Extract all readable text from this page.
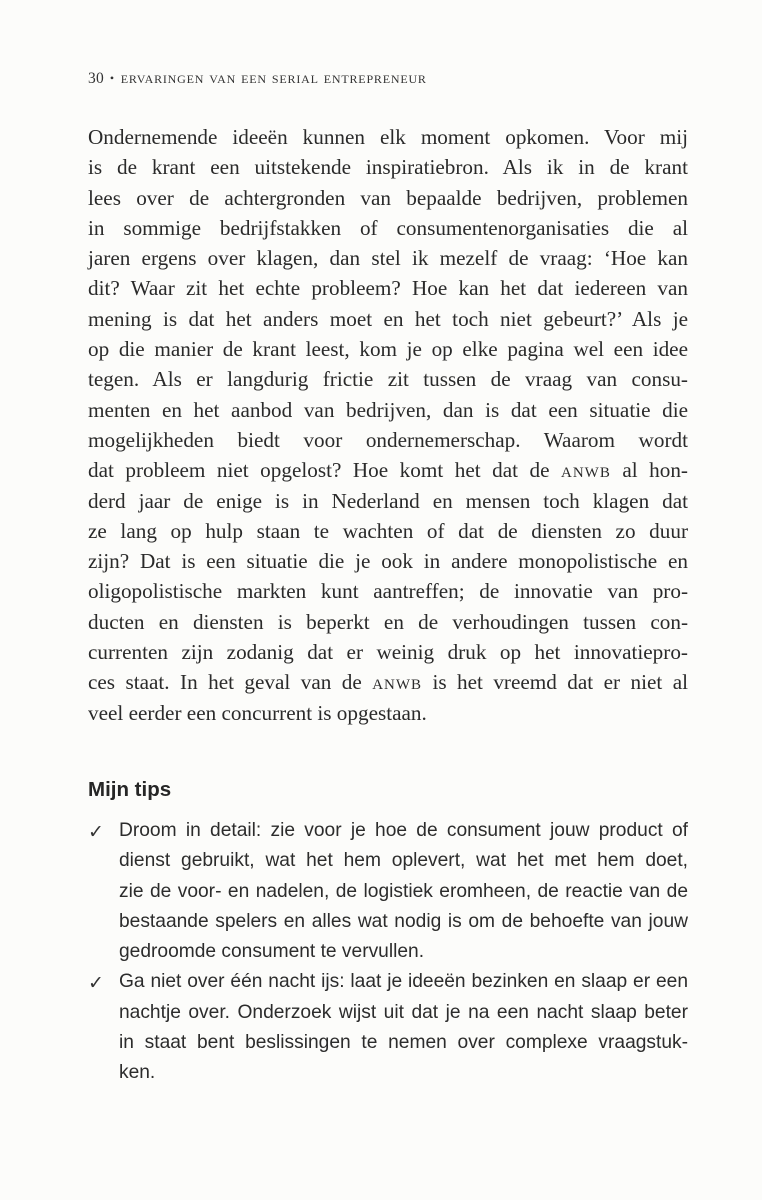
30 • ervaringen van een serial entrepreneur
Ondernemende ideeën kunnen elk moment opkomen. Voor mij
is de krant een uitstekende inspiratiebron. Als ik in de krant
lees over de achtergronden van bepaalde bedrijven, problemen
in sommige bedrijfstakken of consumentenorganisaties die al
jaren ergens over klagen, dan stel ik mezelf de vraag: ‘Hoe kan
dit? Waar zit het echte probleem? Hoe kan het dat iedereen van
mening is dat het anders moet en het toch niet gebeurt?’ Als je
op die manier de krant leest, kom je op elke pagina wel een idee
tegen. Als er langdurig frictie zit tussen de vraag van consu-
menten en het aanbod van bedrijven, dan is dat een situatie die
mogelijkheden biedt voor ondernemerschap. Waarom wordt
dat probleem niet opgelost? Hoe komt het dat de anwb al hon-
derd jaar de enige is in Nederland en mensen toch klagen dat
ze lang op hulp staan te wachten of dat de diensten zo duur
zijn? Dat is een situatie die je ook in andere monopolistische en
oligopolistische markten kunt aantreffen; de innovatie van pro-
ducten en diensten is beperkt en de verhoudingen tussen con-
currenten zijn zodanig dat er weinig druk op het innovatiepro-
ces staat. In het geval van de anwb is het vreemd dat er niet al
veel eerder een concurrent is opgestaan.
Mijn tips
✓ Droom in detail: zie voor je hoe de consument jouw product of
dienst gebruikt, wat het hem oplevert, wat het met hem doet,
zie de voor- en nadelen, de logistiek eromheen, de reactie van de
bestaande spelers en alles wat nodig is om de behoefte van jouw
gedroomde consument te vervullen.
✓ Ga niet over één nacht ijs: laat je ideeën bezinken en slaap er een
nachtje over. Onderzoek wijst uit dat je na een nacht slaap beter
in staat bent beslissingen te nemen over complexe vraagstuk-
ken.
